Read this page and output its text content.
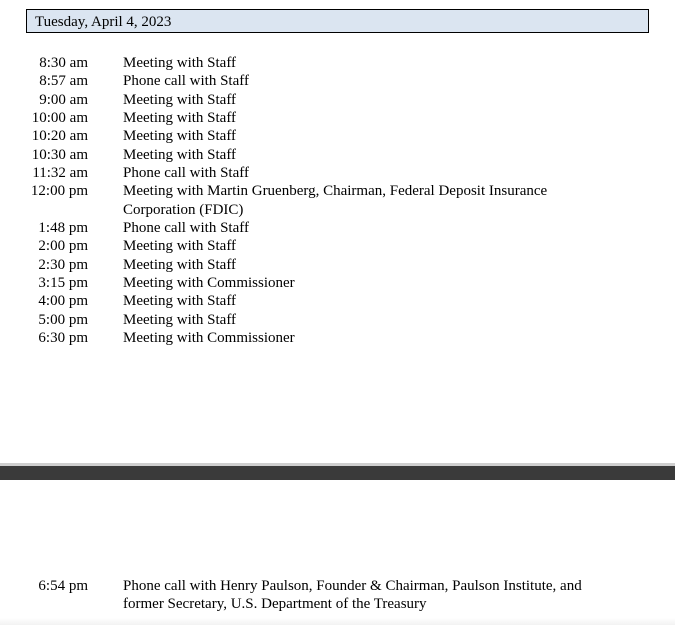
Tuesday, April 4, 2023
8:30 am Meeting with Staff
8:57 am Phone call with Staff
9:00 am Meeting with Staff
10:00 am Meeting with Staff
10:20 am Meeting with Staff
10:30 am Meeting with Staff
11:32 am Phone call with Staff
12:00 pm Meeting with Martin Gruenberg, Chairman, Federal Deposit Insurance Corporation (FDIC)
1:48 pm Phone call with Staff
2:00 pm Meeting with Staff
2:30 pm Meeting with Staff
3:15 pm Meeting with Commissioner
4:00 pm Meeting with Staff
5:00 pm Meeting with Staff
6:30 pm Meeting with Commissioner
6:54 pm Phone call with Henry Paulson, Founder & Chairman, Paulson Institute, and former Secretary, U.S. Department of the Treasury
